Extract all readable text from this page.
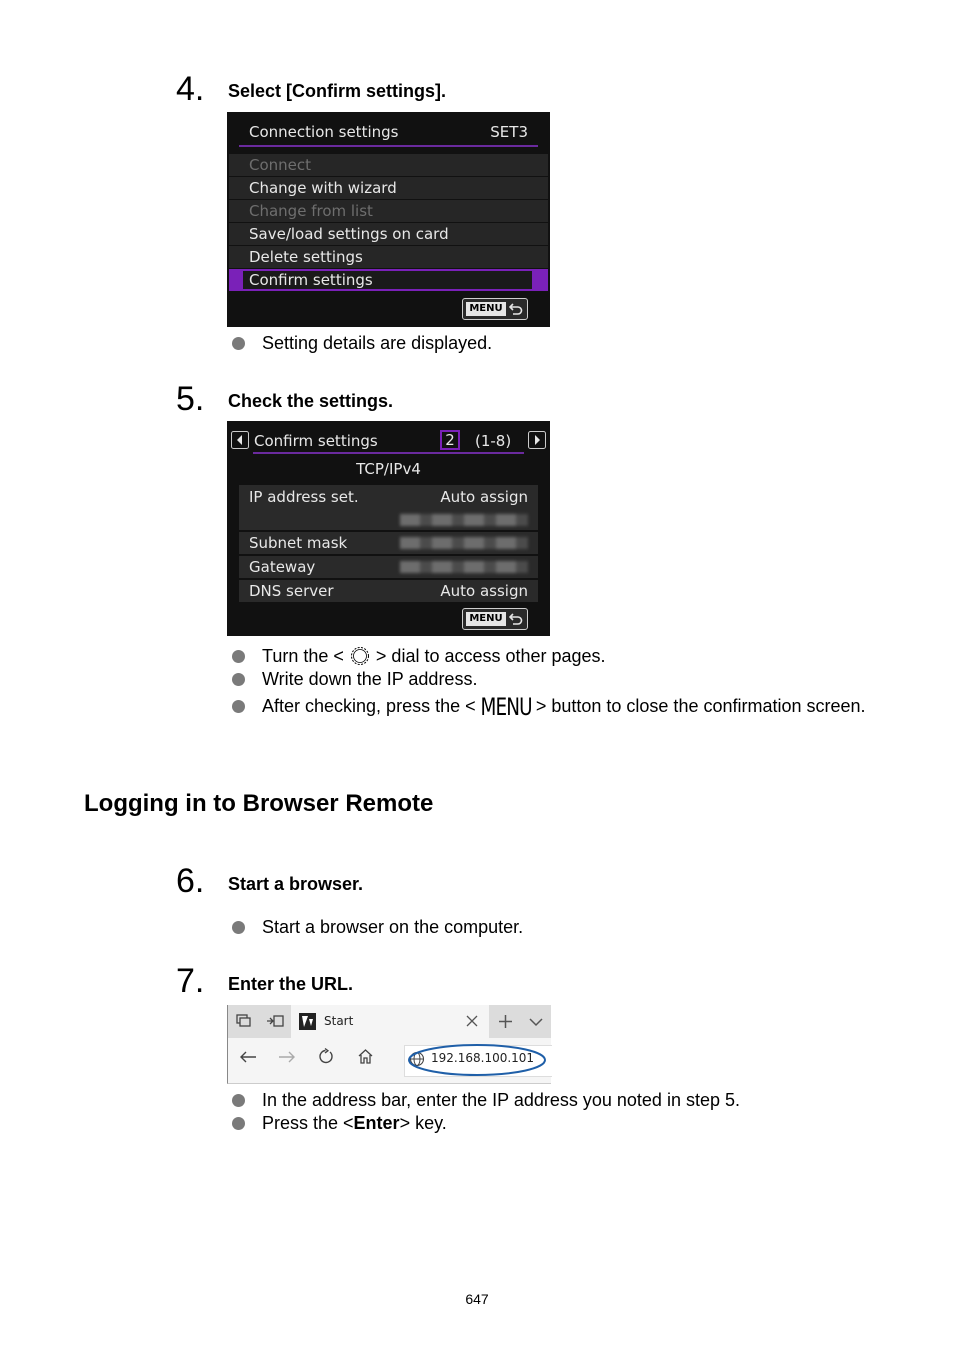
4. Select [Confirm settings].
Connection settings	SET3
Connect
Change with wizard
Change from list
Save/load settings on card
Delete settings
Confirm settings
MENU
Setting details are displayed.
5. Check the settings.
Confirm settings	2	(1-8)
TCP/IPv4
IP address set.	Auto assign
Subnet mask
Gateway
DNS server	Auto assign
MENU
Turn the < > dial to access other pages.
Write down the IP address.
After checking, press the < MENU > button to close the confirmation screen.
Logging in to Browser Remote
6. Start a browser.
Start a browser on the computer.
7. Enter the URL.
Start
192.168.100.101
In the address bar, enter the IP address you noted in step 5.
Press the <Enter> key.
647
